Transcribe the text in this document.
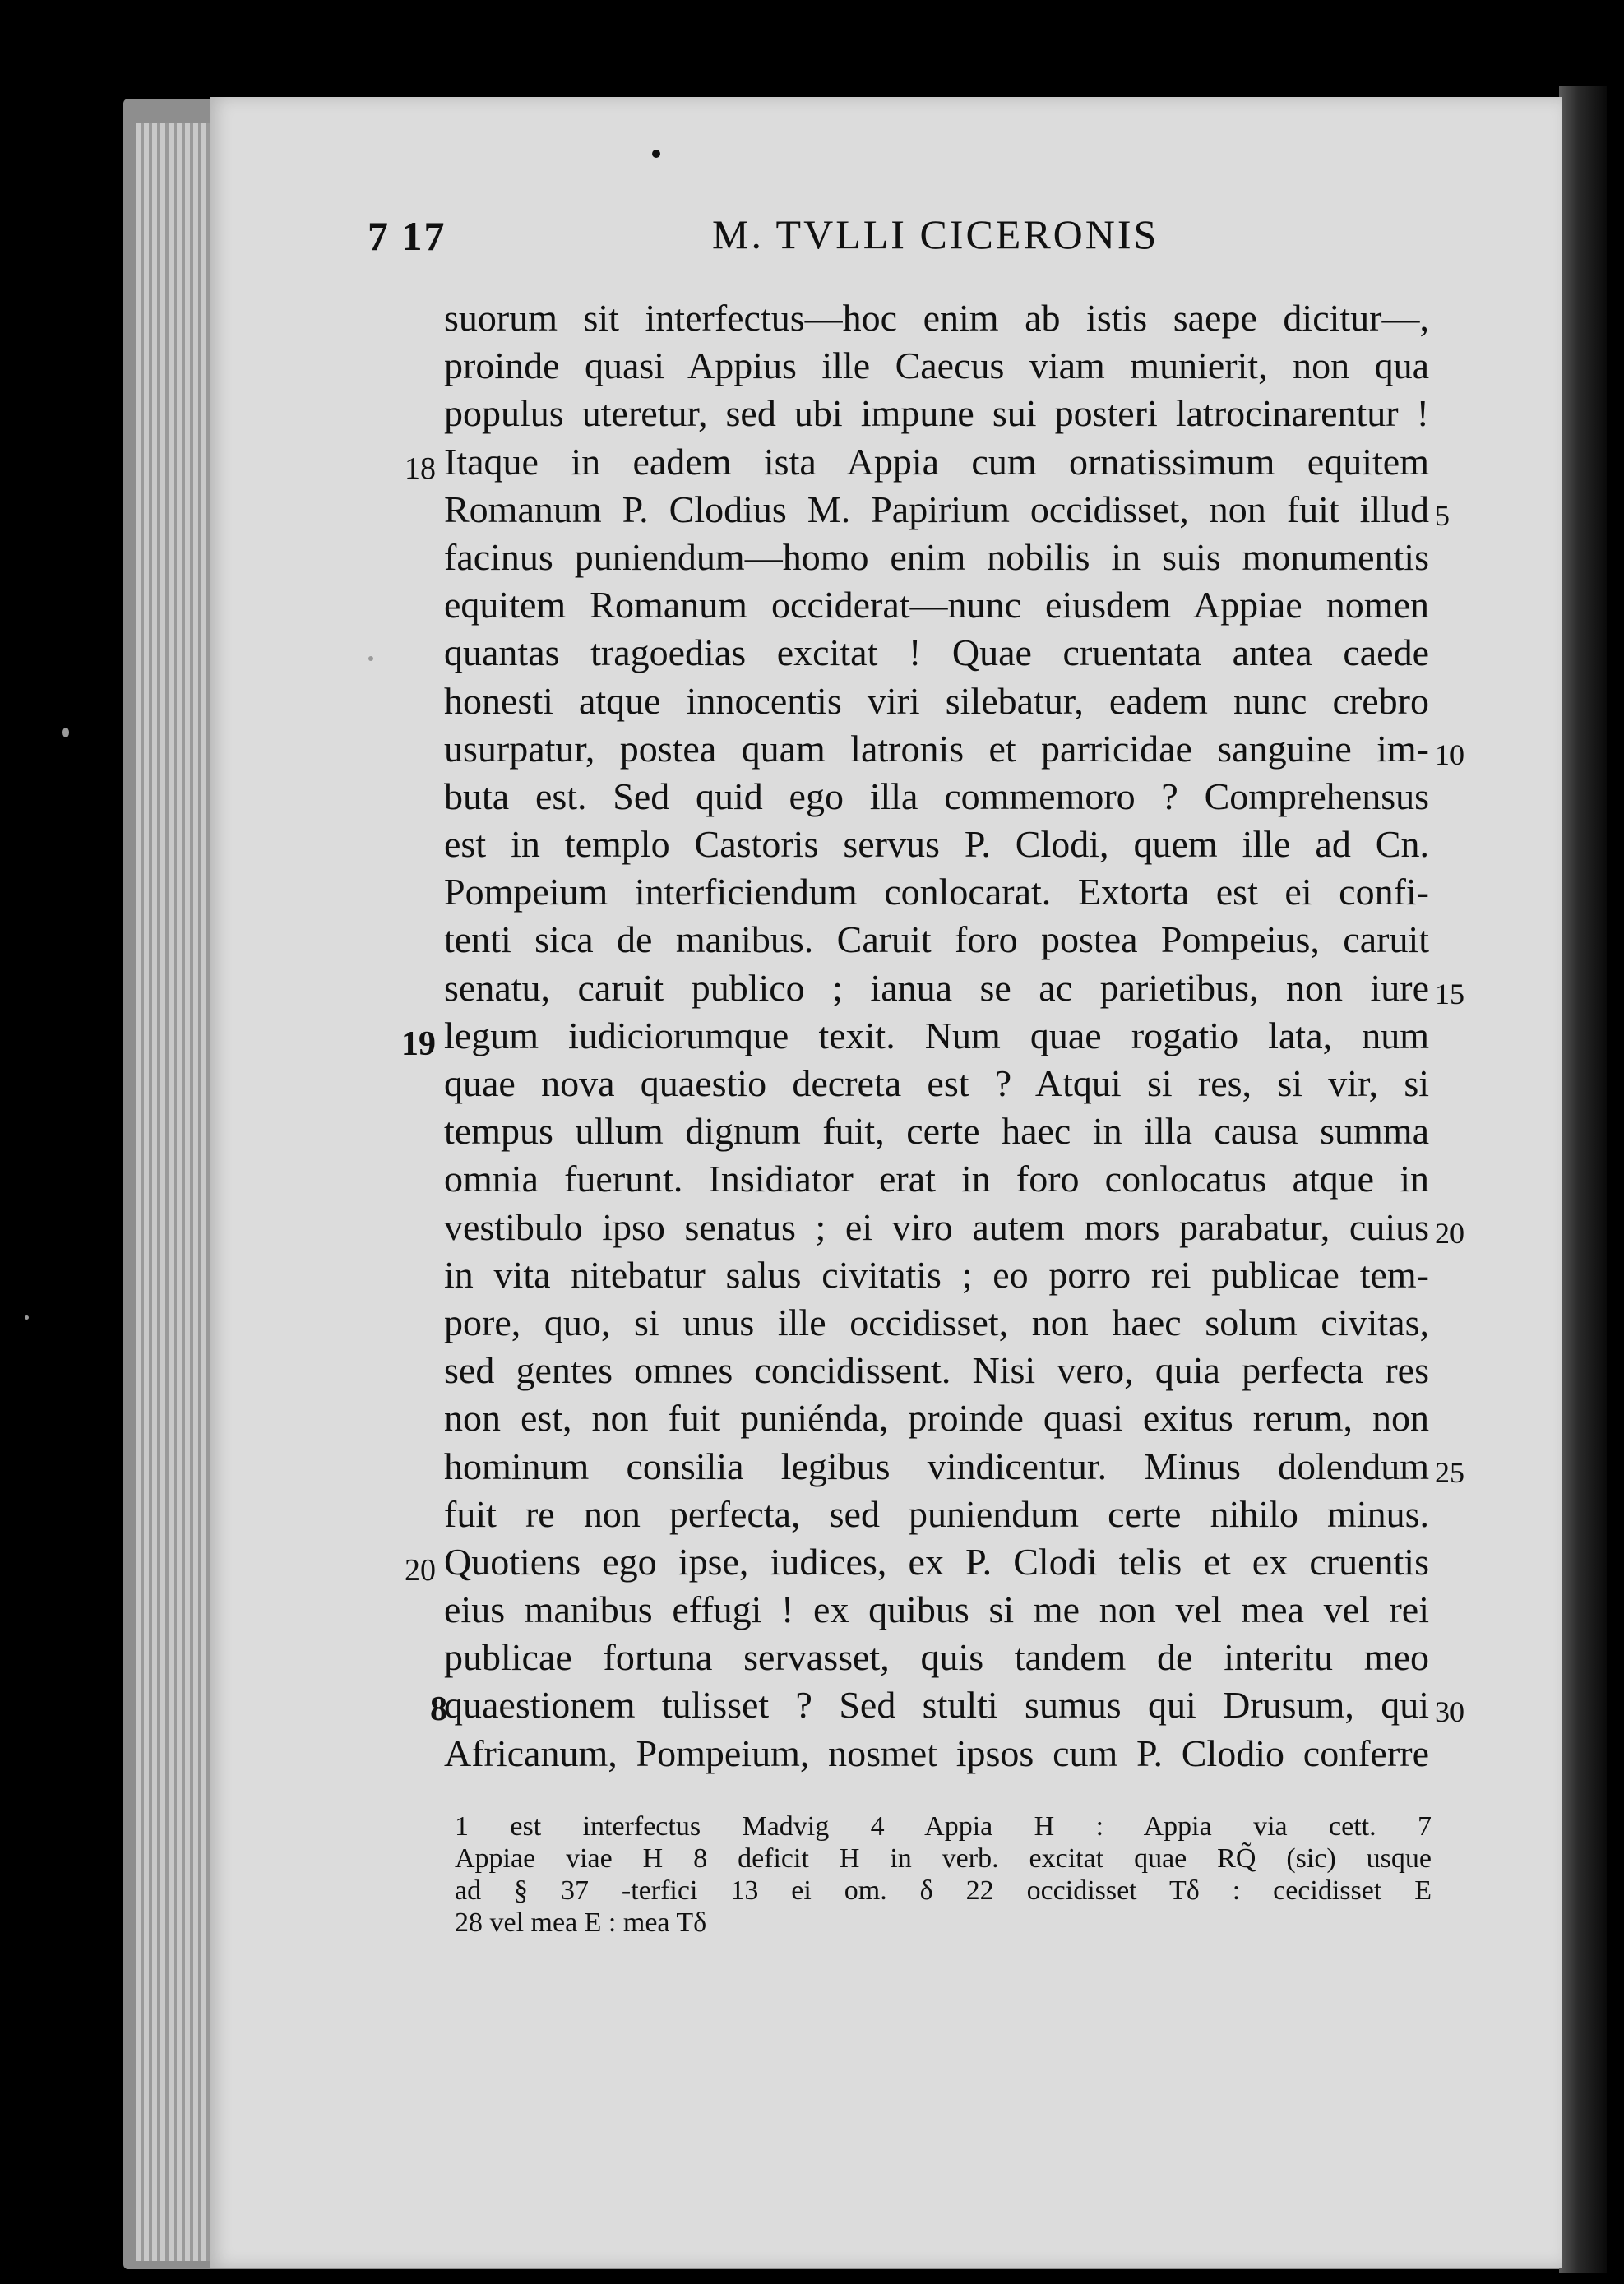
7 17	M. TVLLI CICERONIS
suorum sit interfectus—hoc enim ab istis saepe dicitur—,
proinde quasi Appius ille Caecus viam munierit, non qua
populus uteretur, sed ubi impune sui posteri latrocinarentur !
Itaque in eadem ista Appia cum ornatissimum equitem
Romanum P. Clodius M. Papirium occidisset, non fuit illud
facinus puniendum—homo enim nobilis in suis monumentis
equitem Romanum occiderat—nunc eiusdem Appiae nomen
quantas tragoedias excitat ! Quae cruentata antea caede
honesti atque innocentis viri silebatur, eadem nunc crebro
usurpatur, postea quam latronis et parricidae sanguine im-
buta est. Sed quid ego illa commemoro ? Comprehensus
est in templo Castoris servus P. Clodi, quem ille ad Cn.
Pompeium interficiendum conlocarat. Extorta est ei confi-
tenti sica de manibus. Caruit foro postea Pompeius, caruit
senatu, caruit publico ; ianua se ac parietibus, non iure
legum iudiciorumque texit. Num quae rogatio lata, num
quae nova quaestio decreta est ? Atqui si res, si vir, si
tempus ullum dignum fuit, certe haec in illa causa summa
omnia fuerunt. Insidiator erat in foro conlocatus atque in
vestibulo ipso senatus ; ei viro autem mors parabatur, cuius
in vita nitebatur salus civitatis ; eo porro rei publicae tem-
pore, quo, si unus ille occidisset, non haec solum civitas,
sed gentes omnes concidissent. Nisi vero, quia perfecta res
non est, non fuit puniénda, proinde quasi exitus rerum, non
hominum consilia legibus vindicentur. Minus dolendum
fuit re non perfecta, sed puniendum certe nihilo minus.
Quotiens ego ipse, iudices, ex P. Clodi telis et ex cruentis
eius manibus effugi ! ex quibus si me non vel mea vel rei
publicae fortuna servasset, quis tandem de interitu meo
quaestionem tulisset ? Sed stulti sumus qui Drusum, qui
Africanum, Pompeium, nosmet ipsos cum P. Clodio conferre
18
19
20
8
5
10
15
20
25
30
1 est interfectus Madvig 4 Appia H : Appia via cett. 7
Appiae viae H 8 deficit H in verb. excitat quae RQ̃ (sic) usque
ad § 37 -terfici 13 ei om. δ 22 occidisset Tδ : cecidisset E
28 vel mea E : mea Tδ
